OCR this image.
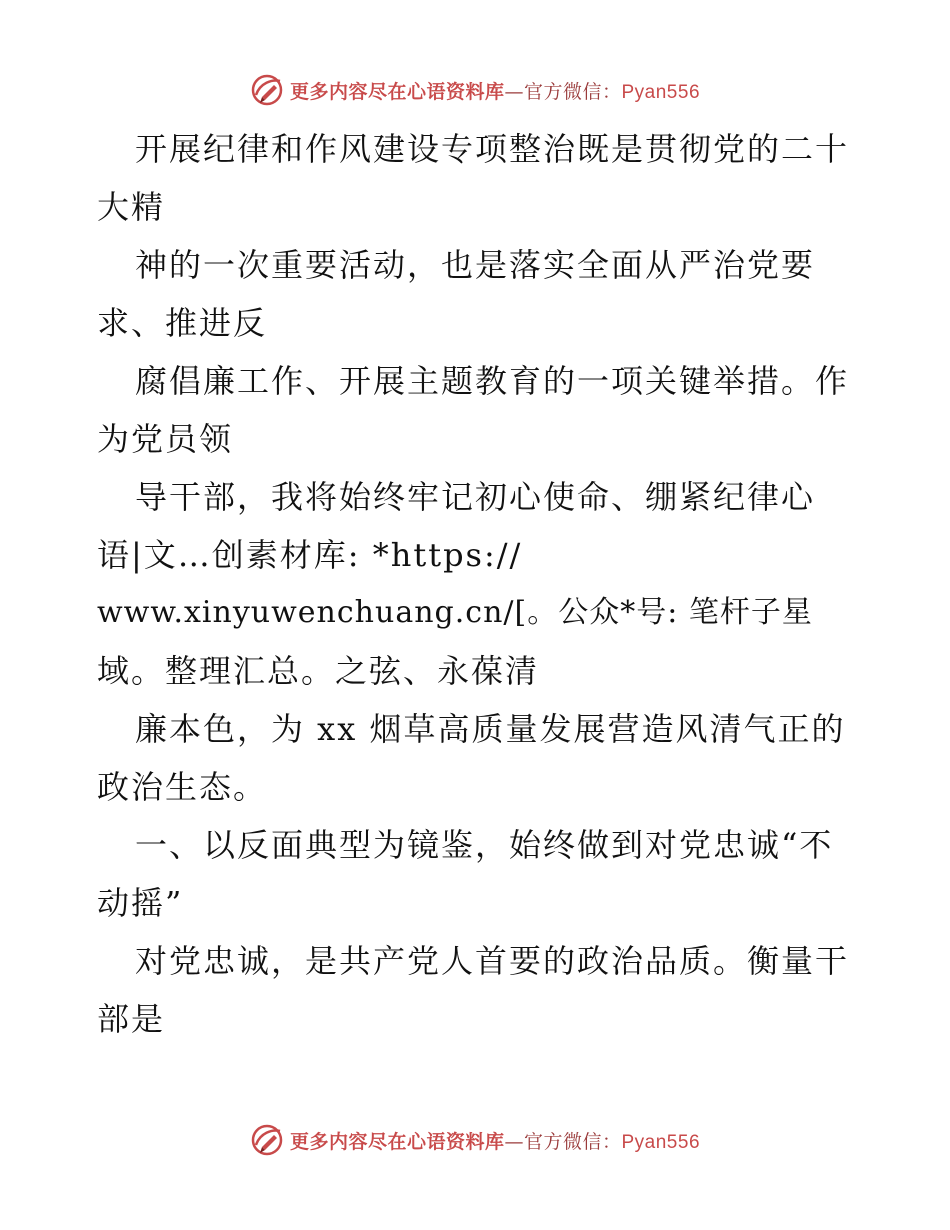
更多内容尽在心语资料库—官方微信：Pyan556

开展纪律和作风建设专项整治既是贯彻党的二十

大精

神的一次重要活动，也是落实全面从严治党要

求、推进反

腐倡廉工作、开展主题教育的一项关键举措。作

为党员领

导干部，我将始终牢记初心使命、绷紧纪律心

语|文…创素材库: *https://

www.xinyuwenchuang.cn/[。公众*号: 笔杆子星

域。整理汇总。之弦、永葆清

廉本色，为 xx 烟草高质量发展营造风清气正的

政治生态。

一、以反面典型为镜鉴，始终做到对党忠诚“不

动摇”

对党忠诚，是共产党人首要的政治品质。衡量干

部是

更多内容尽在心语资料库—官方微信：Pyan556
